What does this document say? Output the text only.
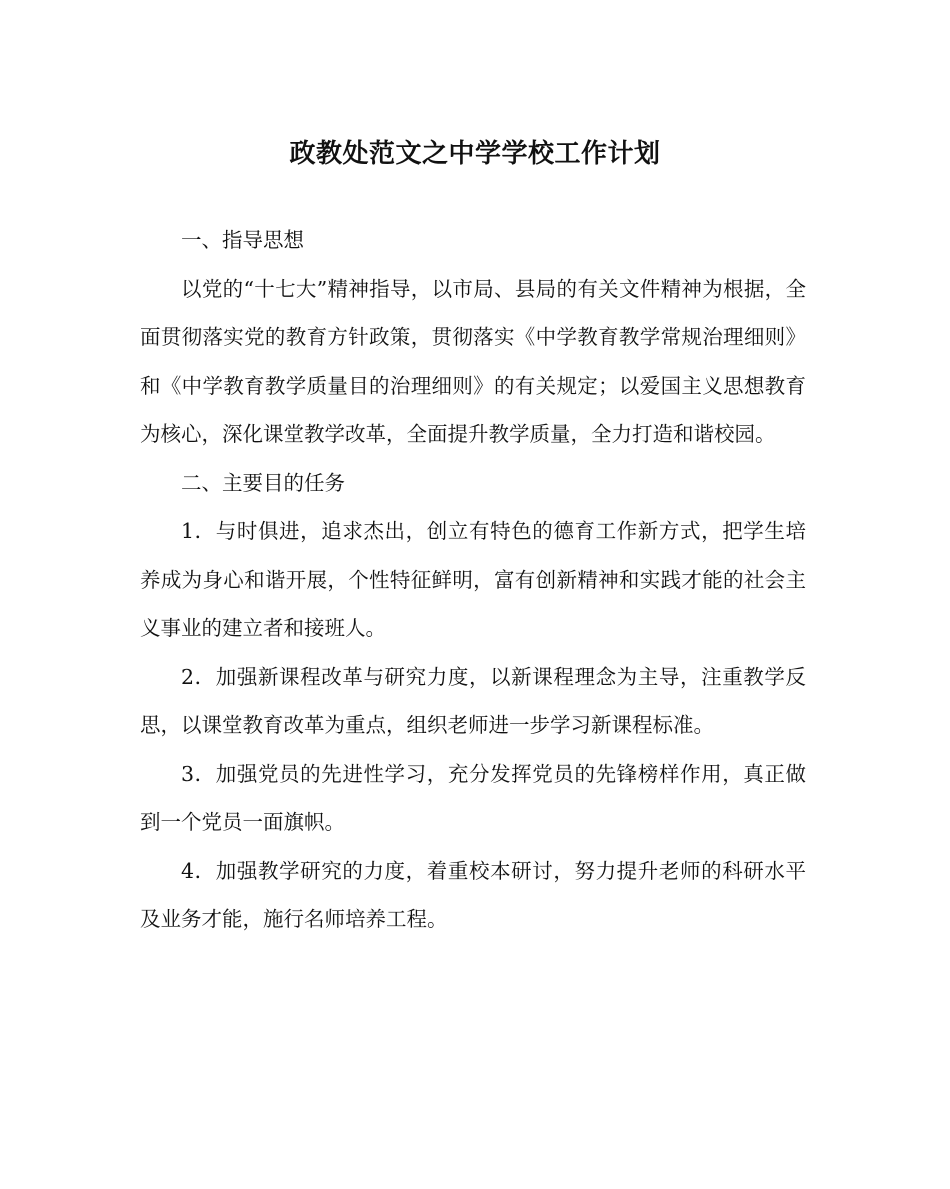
政教处范文之中学学校工作计划

一、指导思想

以党的“十七大”精神指导，以市局、县局的有关文件精神为根据，全面贯彻落实党的教育方针政策，贯彻落实《中学教育教学常规治理细则》和《中学教育教学质量目的治理细则》的有关规定；以爱国主义思想教育为核心，深化课堂教学改革，全面提升教学质量，全力打造和谐校园。

二、主要目的任务

1．与时俱进，追求杰出，创立有特色的德育工作新方式，把学生培养成为身心和谐开展，个性特征鲜明，富有创新精神和实践才能的社会主义事业的建立者和接班人。

2．加强新课程改革与研究力度，以新课程理念为主导，注重教学反思，以课堂教育改革为重点，组织老师进一步学习新课程标准。

3．加强党员的先进性学习，充分发挥党员的先锋榜样作用，真正做到一个党员一面旗帜。

4．加强教学研究的力度，着重校本研讨，努力提升老师的科研水平及业务才能，施行名师培养工程。
